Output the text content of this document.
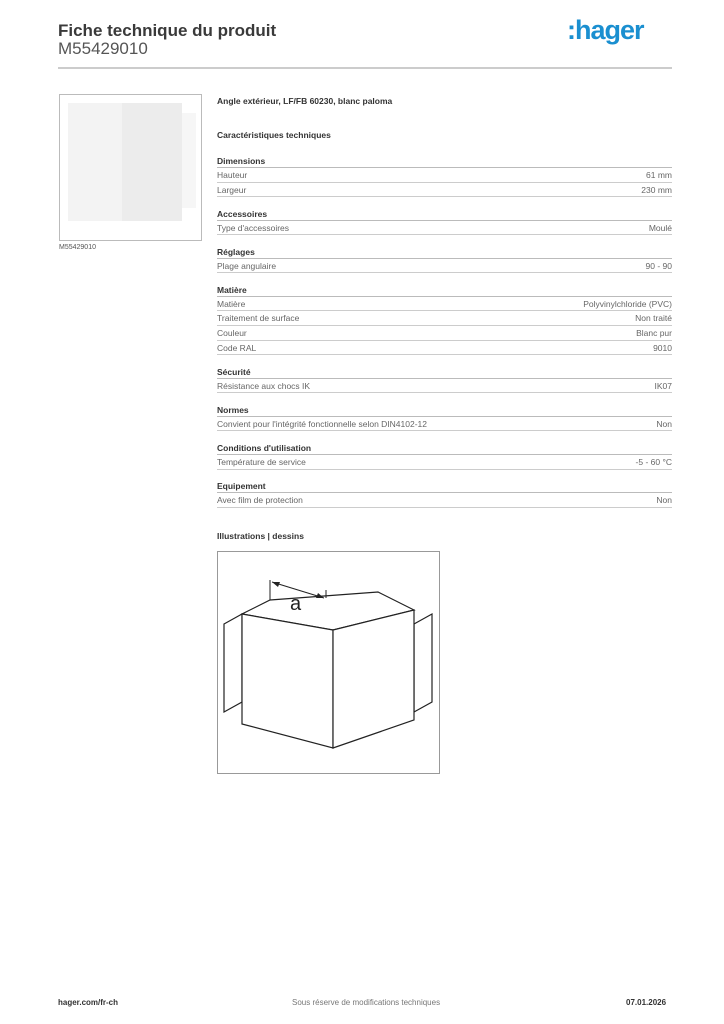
Fiche technique du produit
M55429010
:hager
M55429010
Angle extérieur, LF/FB 60230, blanc paloma
Caractéristiques techniques
Dimensions
Hauteur	61 mm
Largeur	230 mm
Accessoires
Type d'accessoires	Moulé
Réglages
Plage angulaire	90 - 90
Matière
Matière	Polyvinylchloride (PVC)
Traitement de surface	Non traité
Couleur	Blanc pur
Code RAL	9010
Sécurité
Résistance aux chocs IK	IK07
Normes
Convient pour l'intégrité fonctionnelle selon DIN4102-12	Non
Conditions d'utilisation
Température de service	-5 - 60 °C
Equipement
Avec film de protection	Non
Illustrations | dessins
a
hager.com/fr-ch	Sous réserve de modifications techniques	07.01.2026
